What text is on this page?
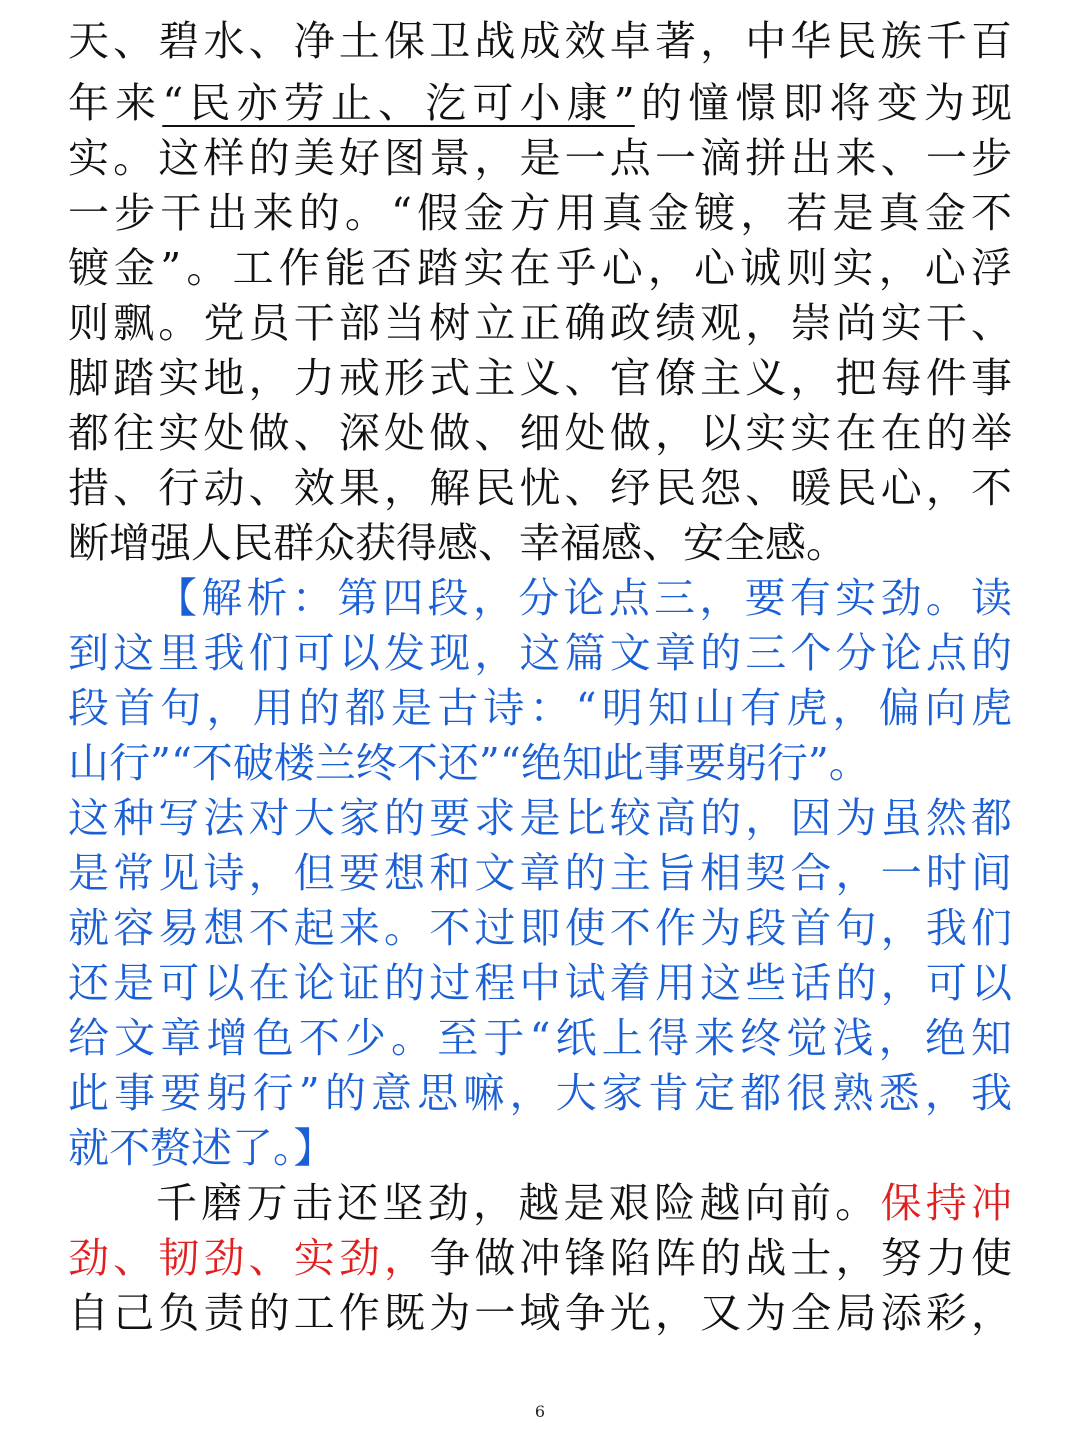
天、碧水、净土保卫战成效卓著，中华民族千百
年来“民亦劳止、汔可小康”的憧憬即将变为现
实。这样的美好图景，是一点一滴拼出来、一步
一步干出来的。“假金方用真金镀，若是真金不
镀金”。工作能否踏实在乎心，心诚则实，心浮
则飘。党员干部当树立正确政绩观，崇尚实干、
脚踏实地，力戒形式主义、官僚主义，把每件事
都往实处做、深处做、细处做，以实实在在的举
措、行动、效果，解民忧、纾民怨、暖民心，不
断增强人民群众获得感、幸福感、安全感。
【解析：第四段，分论点三，要有实劲。读
到这里我们可以发现，这篇文章的三个分论点的
段首句，用的都是古诗：“明知山有虎，偏向虎
山行”“不破楼兰终不还”“绝知此事要躬行”。
这种写法对大家的要求是比较高的，因为虽然都
是常见诗，但要想和文章的主旨相契合，一时间
就容易想不起来。不过即使不作为段首句，我们
还是可以在论证的过程中试着用这些话的，可以
给文章增色不少。至于“纸上得来终觉浅，绝知
此事要躬行”的意思嘛，大家肯定都很熟悉，我
就不赘述了。】
千磨万击还坚劲，越是艰险越向前。保持冲
劲、韧劲、实劲，争做冲锋陷阵的战士，努力使
自己负责的工作既为一域争光，又为全局添彩，
6
